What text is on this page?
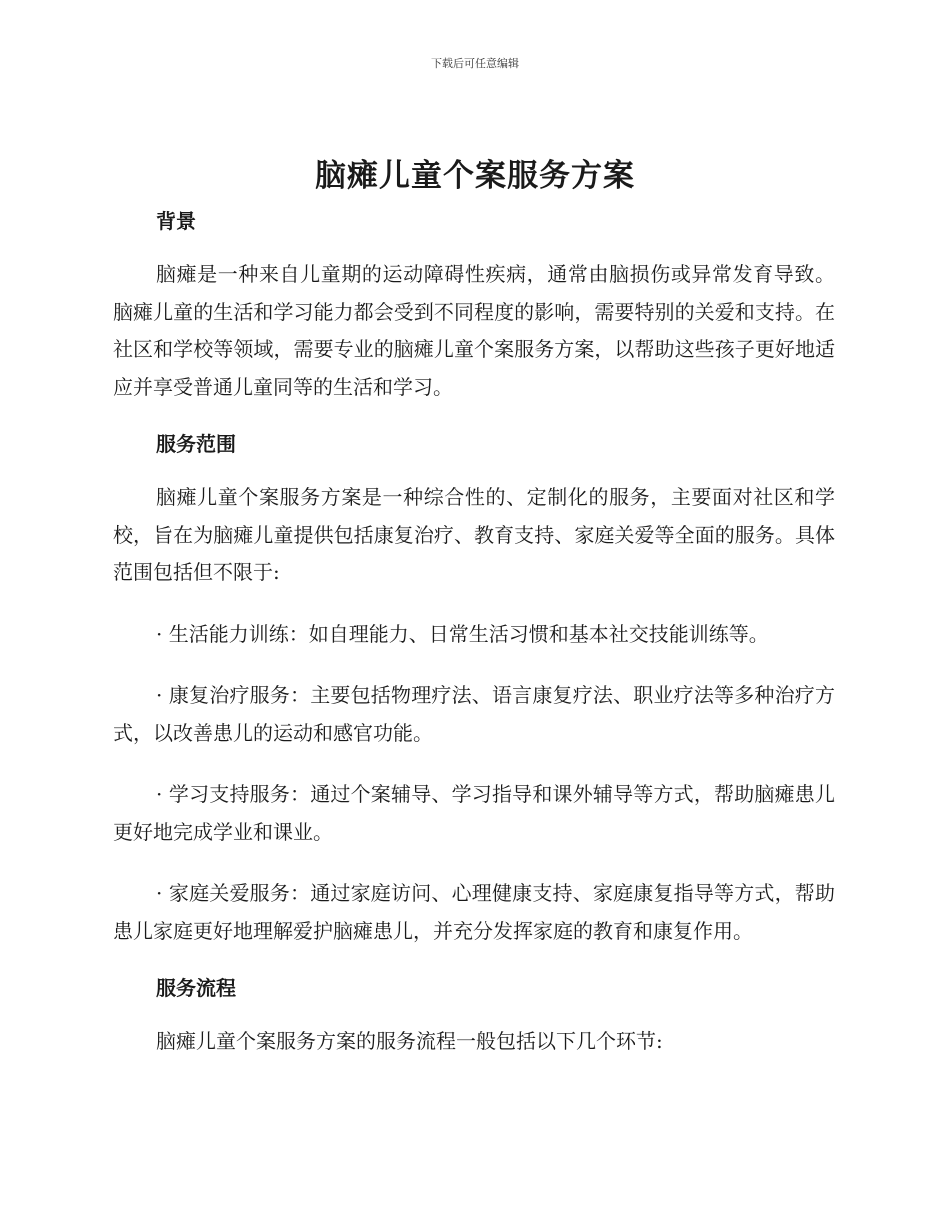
下载后可任意编辑
脑瘫儿童个案服务方案
背景

脑瘫是一种来自儿童期的运动障碍性疾病，通常由脑损伤或异常发育导致。脑瘫儿童的生活和学习能力都会受到不同程度的影响，需要特别的关爱和支持。在社区和学校等领域，需要专业的脑瘫儿童个案服务方案，以帮助这些孩子更好地适应并享受普通儿童同等的生活和学习。

服务范围

脑瘫儿童个案服务方案是一种综合性的、定制化的服务，主要面对社区和学校，旨在为脑瘫儿童提供包括康复治疗、教育支持、家庭关爱等全面的服务。具体范围包括但不限于:

· 生活能力训练：如自理能力、日常生活习惯和基本社交技能训练等。

· 康复治疗服务：主要包括物理疗法、语言康复疗法、职业疗法等多种治疗方式，以改善患儿的运动和感官功能。

· 学习支持服务：通过个案辅导、学习指导和课外辅导等方式，帮助脑瘫患儿更好地完成学业和课业。

· 家庭关爱服务：通过家庭访问、心理健康支持、家庭康复指导等方式，帮助患儿家庭更好地理解爱护脑瘫患儿，并充分发挥家庭的教育和康复作用。

服务流程

脑瘫儿童个案服务方案的服务流程一般包括以下几个环节:
